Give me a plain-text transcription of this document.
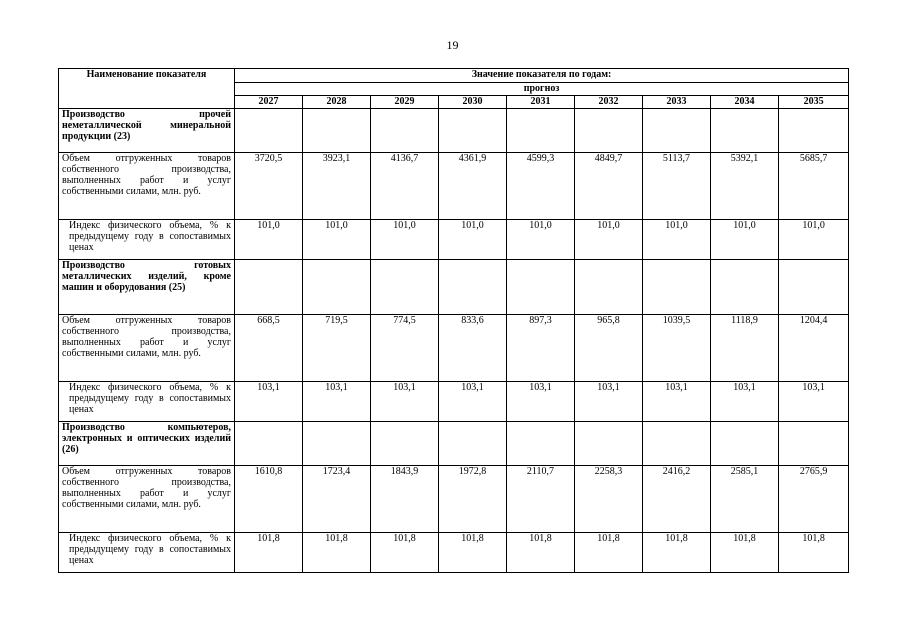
19
Наименование показателя	Значение показателя по годам:								
	прогноз								
	2027	2028	2029	2030	2031	2032	2033	2034	2035
Производство прочей неметаллической минеральной продукции (23)									
Объем отгруженных товаров собственного производства, выполненных работ и услуг собственными силами, млн. руб.	3720,5	3923,1	4136,7	4361,9	4599,3	4849,7	5113,7	5392,1	5685,7
Индекс физического объема, % к предыдущему году в сопоставимых ценах	101,0	101,0	101,0	101,0	101,0	101,0	101,0	101,0	101,0
Производство готовых металлических изделий, кроме машин и оборудования (25)									
Объем отгруженных товаров собственного производства, выполненных работ и услуг собственными силами, млн. руб.	668,5	719,5	774,5	833,6	897,3	965,8	1039,5	1118,9	1204,4
Индекс физического объема, % к предыдущему году в сопоставимых ценах	103,1	103,1	103,1	103,1	103,1	103,1	103,1	103,1	103,1
Производство компьютеров, электронных и оптических изделий (26)									
Объем отгруженных товаров собственного производства, выполненных работ и услуг собственными силами, млн. руб.	1610,8	1723,4	1843,9	1972,8	2110,7	2258,3	2416,2	2585,1	2765,9
Индекс физического объема, % к предыдущему году в сопоставимых ценах	101,8	101,8	101,8	101,8	101,8	101,8	101,8	101,8	101,8
